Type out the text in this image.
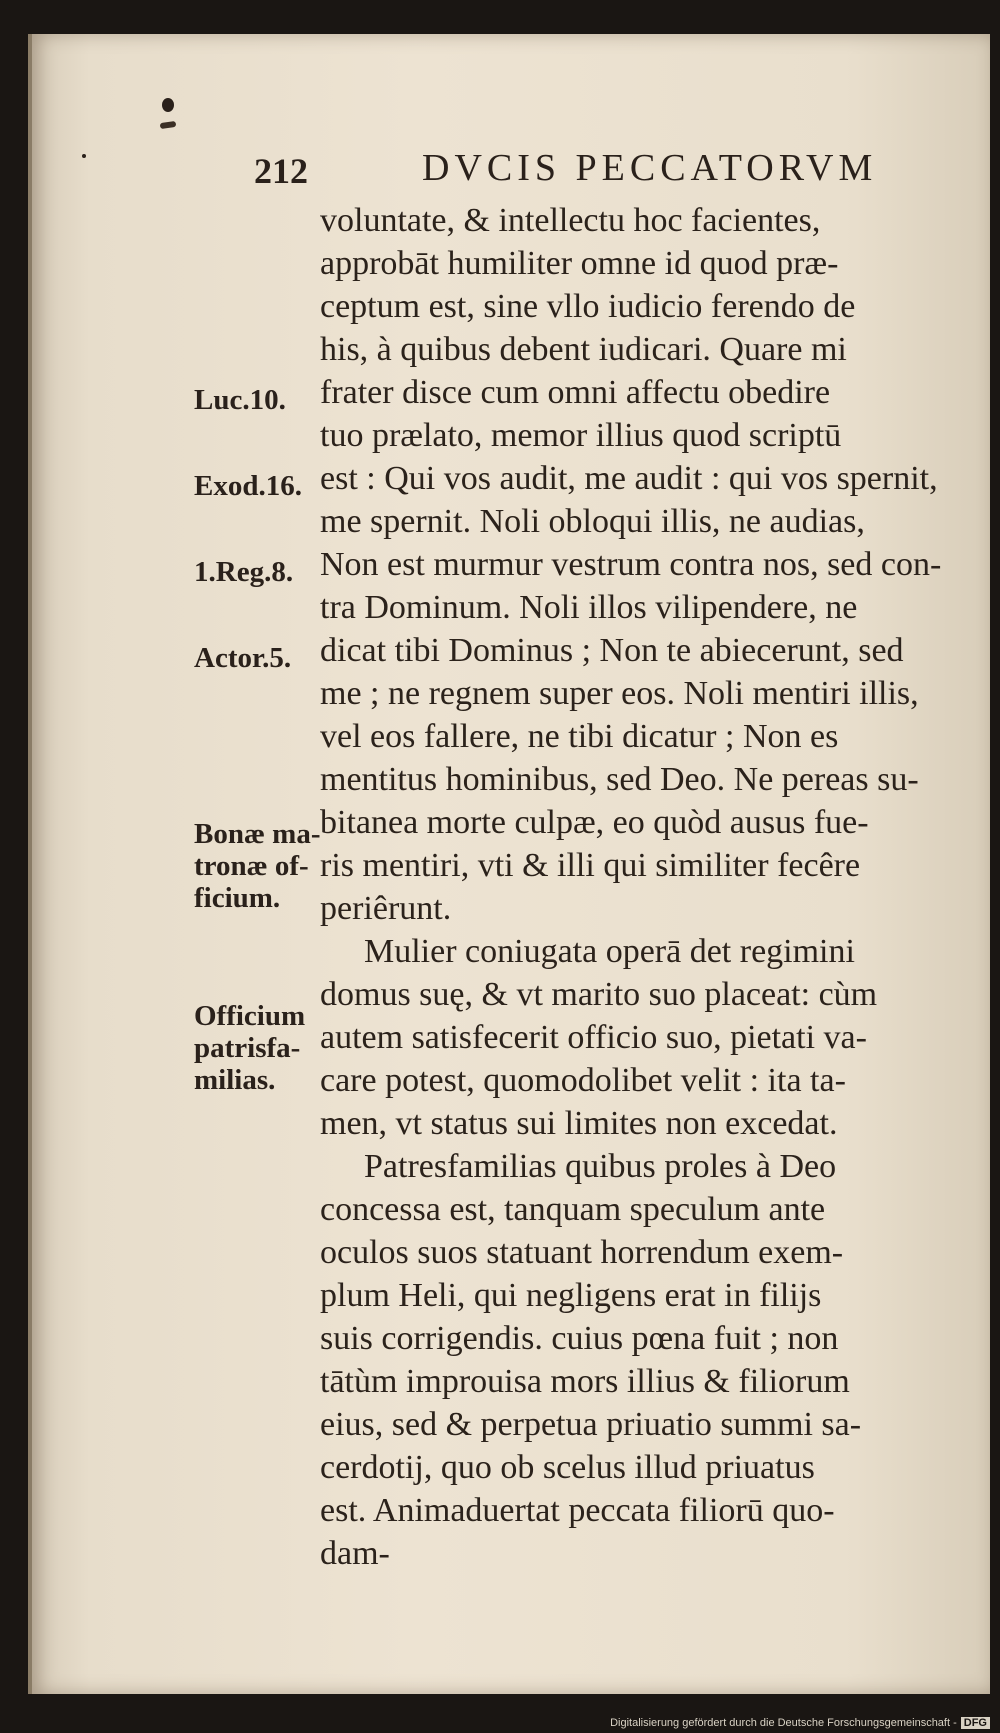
212	DVCIS PECCATORVM
Luc.10.
Exod.16.
1.Reg.8.
Actor.5.
Bonæ ma- tronæ of- ficium.
Officium patrisfa- milias.
voluntate, & intellectu hoc facientes,
approbāt humiliter omne id quod præ-
ceptum est, sine vllo iudicio ferendo de
his, à quibus debent iudicari. Quare mi
frater disce cum omni affectu obedire
tuo prælato, memor illius quod scriptū
est : Qui vos audit, me audit : qui vos spernit,
me spernit. Noli obloqui illis, ne audias,
Non est murmur vestrum contra nos, sed con-
tra Dominum. Noli illos vilipendere, ne
dicat tibi Dominus ; Non te abiecerunt, sed
me ; ne regnem super eos. Noli mentiri illis,
vel eos fallere, ne tibi dicatur ; Non es
mentitus hominibus, sed Deo. Ne pereas su-
bitanea morte culpæ, eo quòd ausus fue-
ris mentiri, vti & illi qui similiter fecêre
periêrunt.
Mulier coniugata operā det regimini
domus suę, & vt marito suo placeat: cùm
autem satisfecerit officio suo, pietati va-
care potest, quomodolibet velit : ita ta-
men, vt status sui limites non excedat.
Patresfamilias quibus proles à Deo
concessa est, tanquam speculum ante
oculos suos statuant horrendum exem-
plum Heli, qui negligens erat in filijs
suis corrigendis. cuius pœna fuit ; non
tātùm improuisa mors illius & filiorum
eius, sed & perpetua priuatio summi sa-
cerdotij, quo ob scelus illud priuatus
est. Animaduertat peccata filiorū quo-
dam-
Digitalisierung gefördert durch die Deutsche Forschungsgemeinschaft - DFG
